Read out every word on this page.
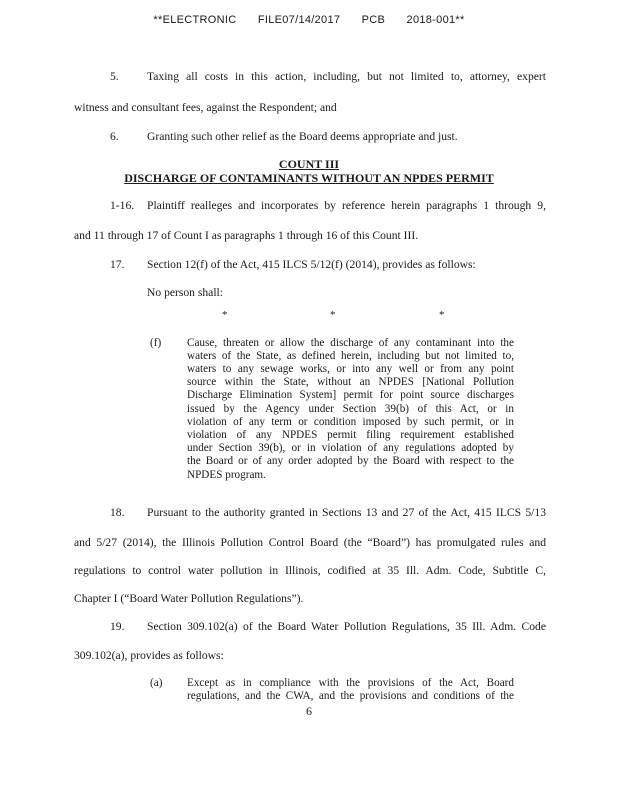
**ELECTRONIC FILE07/14/2017 PCB 2018-001**
5. Taxing all costs in this action, including, but not limited to, attorney, expert
witness and consultant fees, against the Respondent; and
6. Granting such other relief as the Board deems appropriate and just.
COUNT III
DISCHARGE OF CONTAMINANTS WITHOUT AN NPDES PERMIT
1-16. Plaintiff realleges and incorporates by reference herein paragraphs 1 through 9,
and 11 through 17 of Count I as paragraphs 1 through 16 of this Count III.
17. Section 12(f) of the Act, 415 ILCS 5/12(f) (2014), provides as follows:
No person shall:
*	*	*
(f) Cause, threaten or allow the discharge of any contaminant into the
waters of the State, as defined herein, including but not limited to,
waters to any sewage works, or into any well or from any point
source within the State, without an NPDES [National Pollution
Discharge Elimination System] permit for point source discharges
issued by the Agency under Section 39(b) of this Act, or in
violation of any term or condition imposed by such permit, or in
violation of any NPDES permit filing requirement established
under Section 39(b), or in violation of any regulations adopted by
the Board or of any order adopted by the Board with respect to the
NPDES program.
18. Pursuant to the authority granted in Sections 13 and 27 of the Act, 415 ILCS 5/13
and 5/27 (2014), the Illinois Pollution Control Board (the “Board”) has promulgated rules and
regulations to control water pollution in Illinois, codified at 35 Ill. Adm. Code, Subtitle C,
Chapter I (“Board Water Pollution Regulations”).
19. Section 309.102(a) of the Board Water Pollution Regulations, 35 Ill. Adm. Code
309.102(a), provides as follows:
(a) Except as in compliance with the provisions of the Act, Board
regulations, and the CWA, and the provisions and conditions of the
6
